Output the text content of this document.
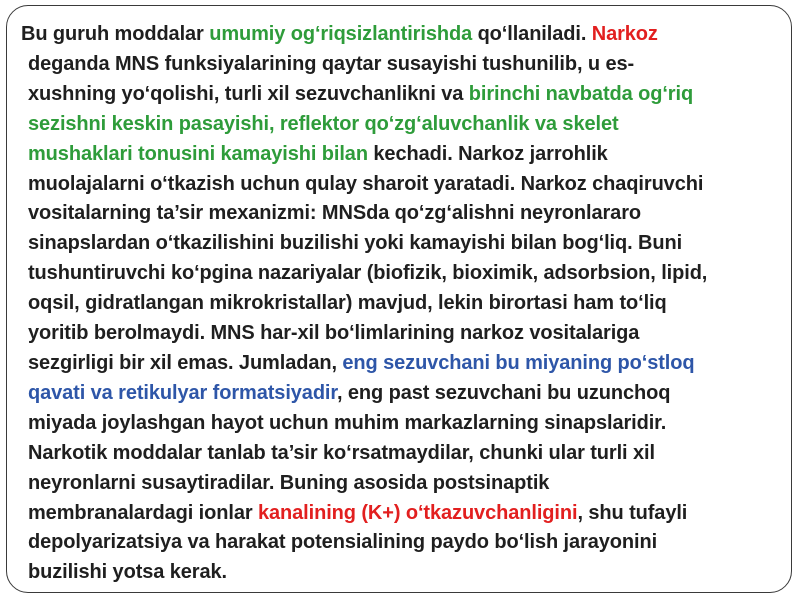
Bu guruh moddalar umumiy og‘riqsizlantirishda qo‘llaniladi. Narkoz
deganda MNS funksiyalarining qaytar susayishi tushunilib, u es-
xushning yo‘qolishi, turli xil sezuvchanlikni va birinchi navbatda og‘riq
sezishni keskin pasayishi, reflektor qo‘zg‘aluvchanlik va skelet
mushaklari tonusini kamayishi bilan kechadi. Narkoz jarrohlik
muolajalarni o‘tkazish uchun qulay sharoit yaratadi. Narkoz chaqiruvchi
vositalarning ta’sir mexanizmi: MNSda qo‘zg‘alishni neyronlararo
sinapslardan o‘tkazilishini buzilishi yoki kamayishi bilan bog‘liq. Buni
tushuntiruvchi ko‘pgina nazariyalar (biofizik, bioximik, adsorbsion, lipid,
oqsil, gidratlangan mikrokristallar) mavjud, lekin birortasi ham to‘liq
yoritib berolmaydi. MNS har-xil bo‘limlarining narkoz vositalariga
sezgirligi bir xil emas. Jumladan, eng sezuvchani bu miyaning po‘stloq
qavati va retikulyar formatsiyadir, eng past sezuvchani bu uzunchoq
miyada joylashgan hayot uchun muhim markazlarning sinapslaridir.
Narkotik moddalar tanlab ta’sir ko‘rsatmaydilar, chunki ular turli xil
neyronlarni susaytiradilar. Buning asosida postsinaptik
membranalardagi ionlar kanalining (K+) o‘tkazuvchanligini, shu tufayli
depolyarizatsiya va harakat potensialining paydo bo‘lish jarayonini
buzilishi yotsa kerak.
